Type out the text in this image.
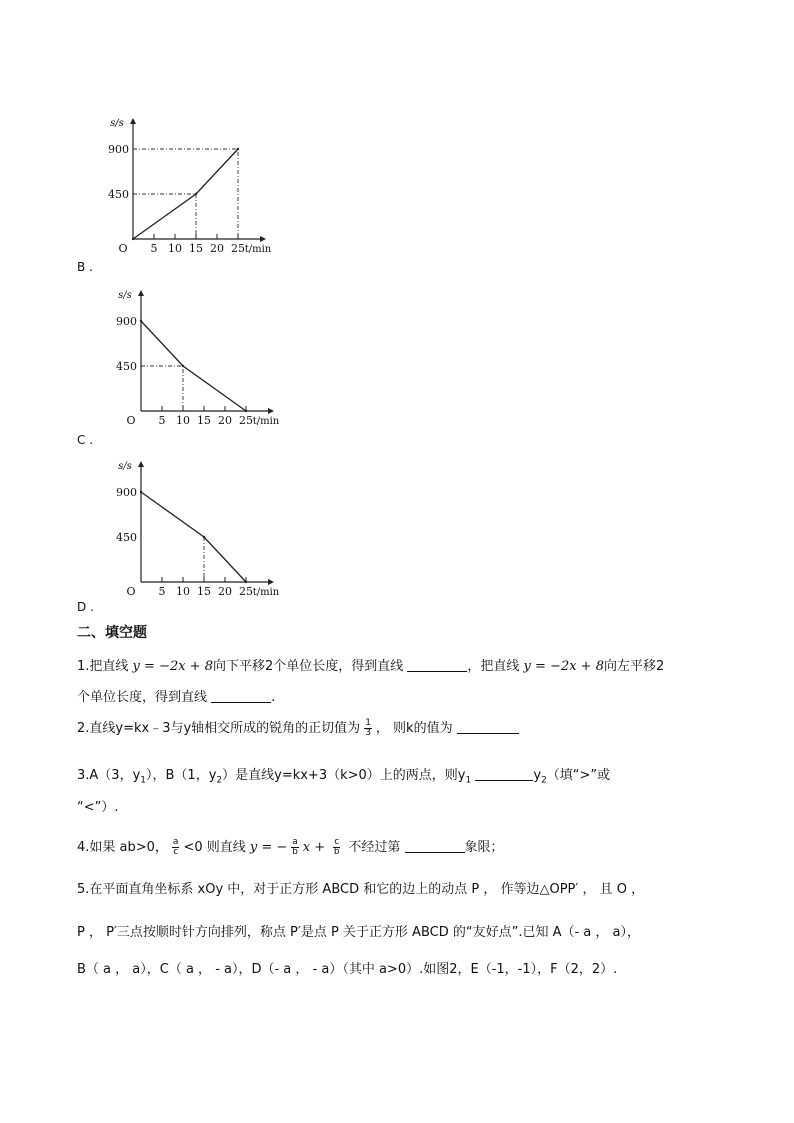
5 10 15 20 25
450
900
O	t/min
s/s
B .
5 10 15 20 25
450
900
O	t/min
s/s
C .
5 10 15 20 25
450
900
O	t/min
s/s
D .
二、填空题
1.把直线 y = −2x + 8向下平移2个单位长度，得到直线	，把直线 y = −2x + 8向左平移2
个单位长度，得到直线	.
2.直线y=kx﹣3与y轴相交所成的锐角的正切值为 $\frac{1}{3}$ ， 则k的值为
3.A（3，$y_1$），B（1，$y_2$）是直线y=kx+3（k>0）上的两点，则$y_1$	$y_2$（填“>”或
“<”）.
4.如果 ab>0， $\frac{a}{c} <0$ 则直线 y = − $\frac{a}{b}$ $x + \frac{c}{b}$ 不经过第	象限；
5.在平面直角坐标系 xOy 中，对于正方形 ABCD 和它的边上的动点 P ， 作等边△OPP′ ， 且 O ，
P ， P′三点按顺时针方向排列，称点 P′是点 P 关于正方形 ABCD 的“友好点”.已知 A（- a ， a），
B（ a ， a），C（ a ， - a），D（- a ， - a）（其中 a>0）.如图2，E（-1，-1），F（2，2）.
